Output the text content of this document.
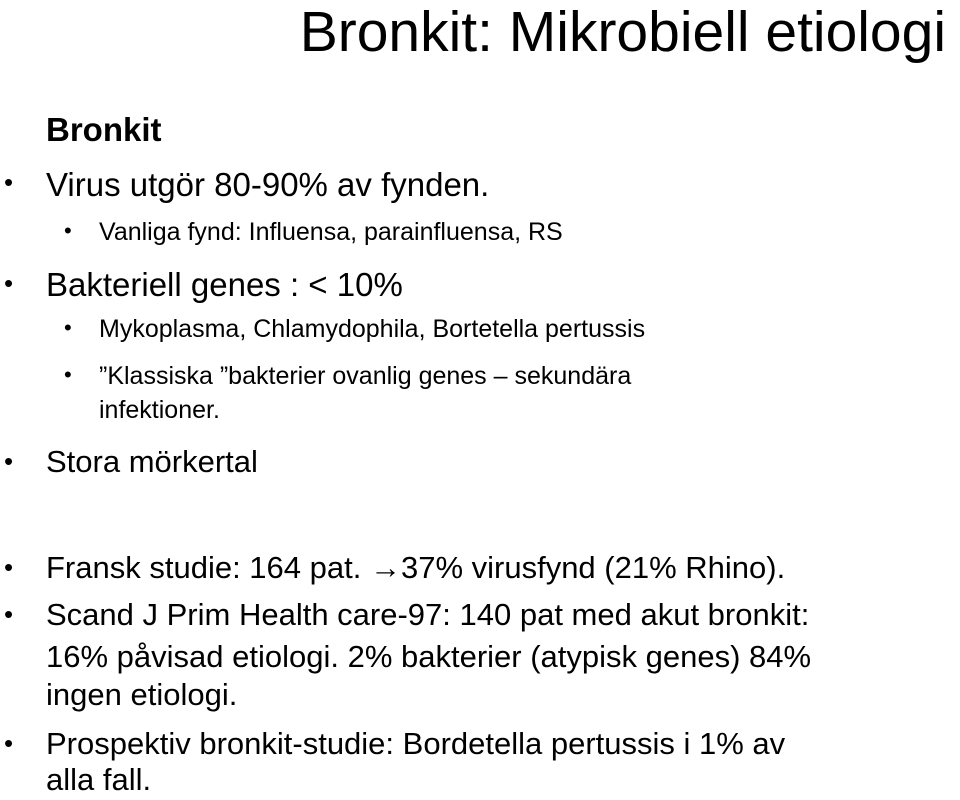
Bronkit: Mikrobiell etiologi
Bronkit
• Virus utgör 80-90% av fynden.
• Vanliga fynd: Influensa, parainfluensa, RS
• Bakteriell genes : < 10%
• Mykoplasma, Chlamydophila, Bortetella pertussis
• ”Klassiska ”bakterier ovanlig genes – sekundära
infektioner.
• Stora mörkertal
• Fransk studie: 164 pat. →37% virusfynd (21% Rhino).
• Scand J Prim Health care-97: 140 pat med akut bronkit:
16% påvisad etiologi. 2% bakterier (atypisk genes) 84%
ingen etiologi.
• Prospektiv bronkit-studie: Bordetella pertussis i 1% av
alla fall.
